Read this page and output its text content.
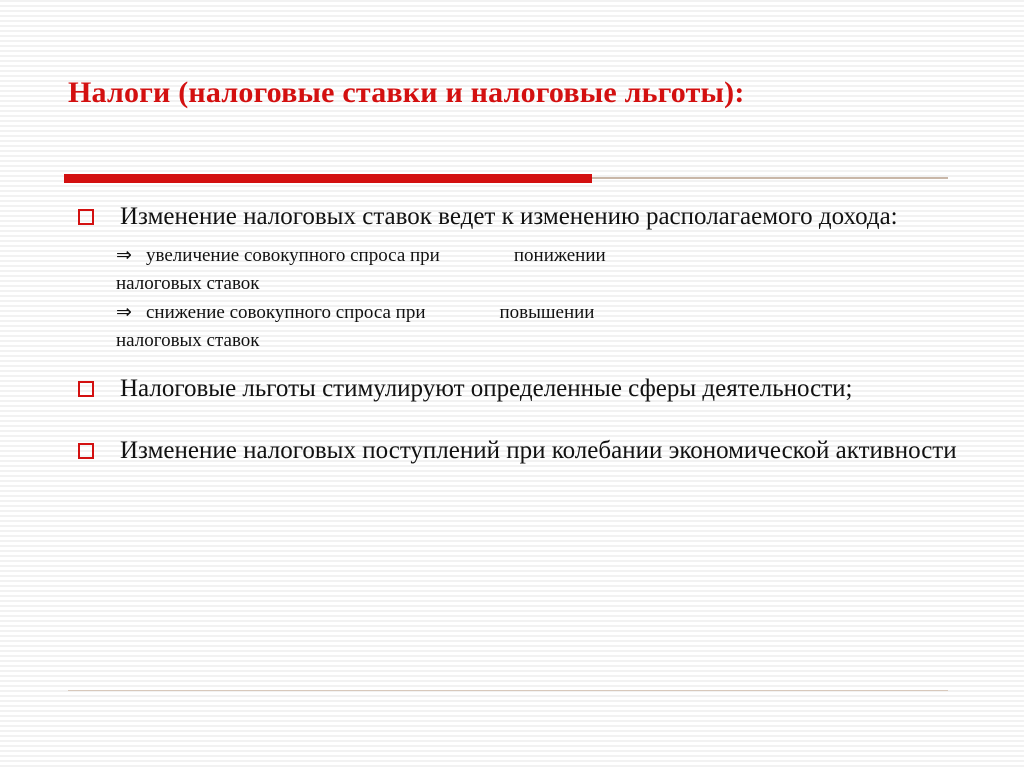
Налоги (налоговые ставки и налоговые льготы):
Изменение налоговых ставок ведет к изменению располагаемого дохода:
⇒ увеличение совокупного спроса при	понижении
налоговых ставок
⇒ снижение совокупного спроса при	повышении
налоговых ставок
Налоговые льготы стимулируют определенные сферы деятельности;
Изменение налоговых поступлений при колебании экономической активности
